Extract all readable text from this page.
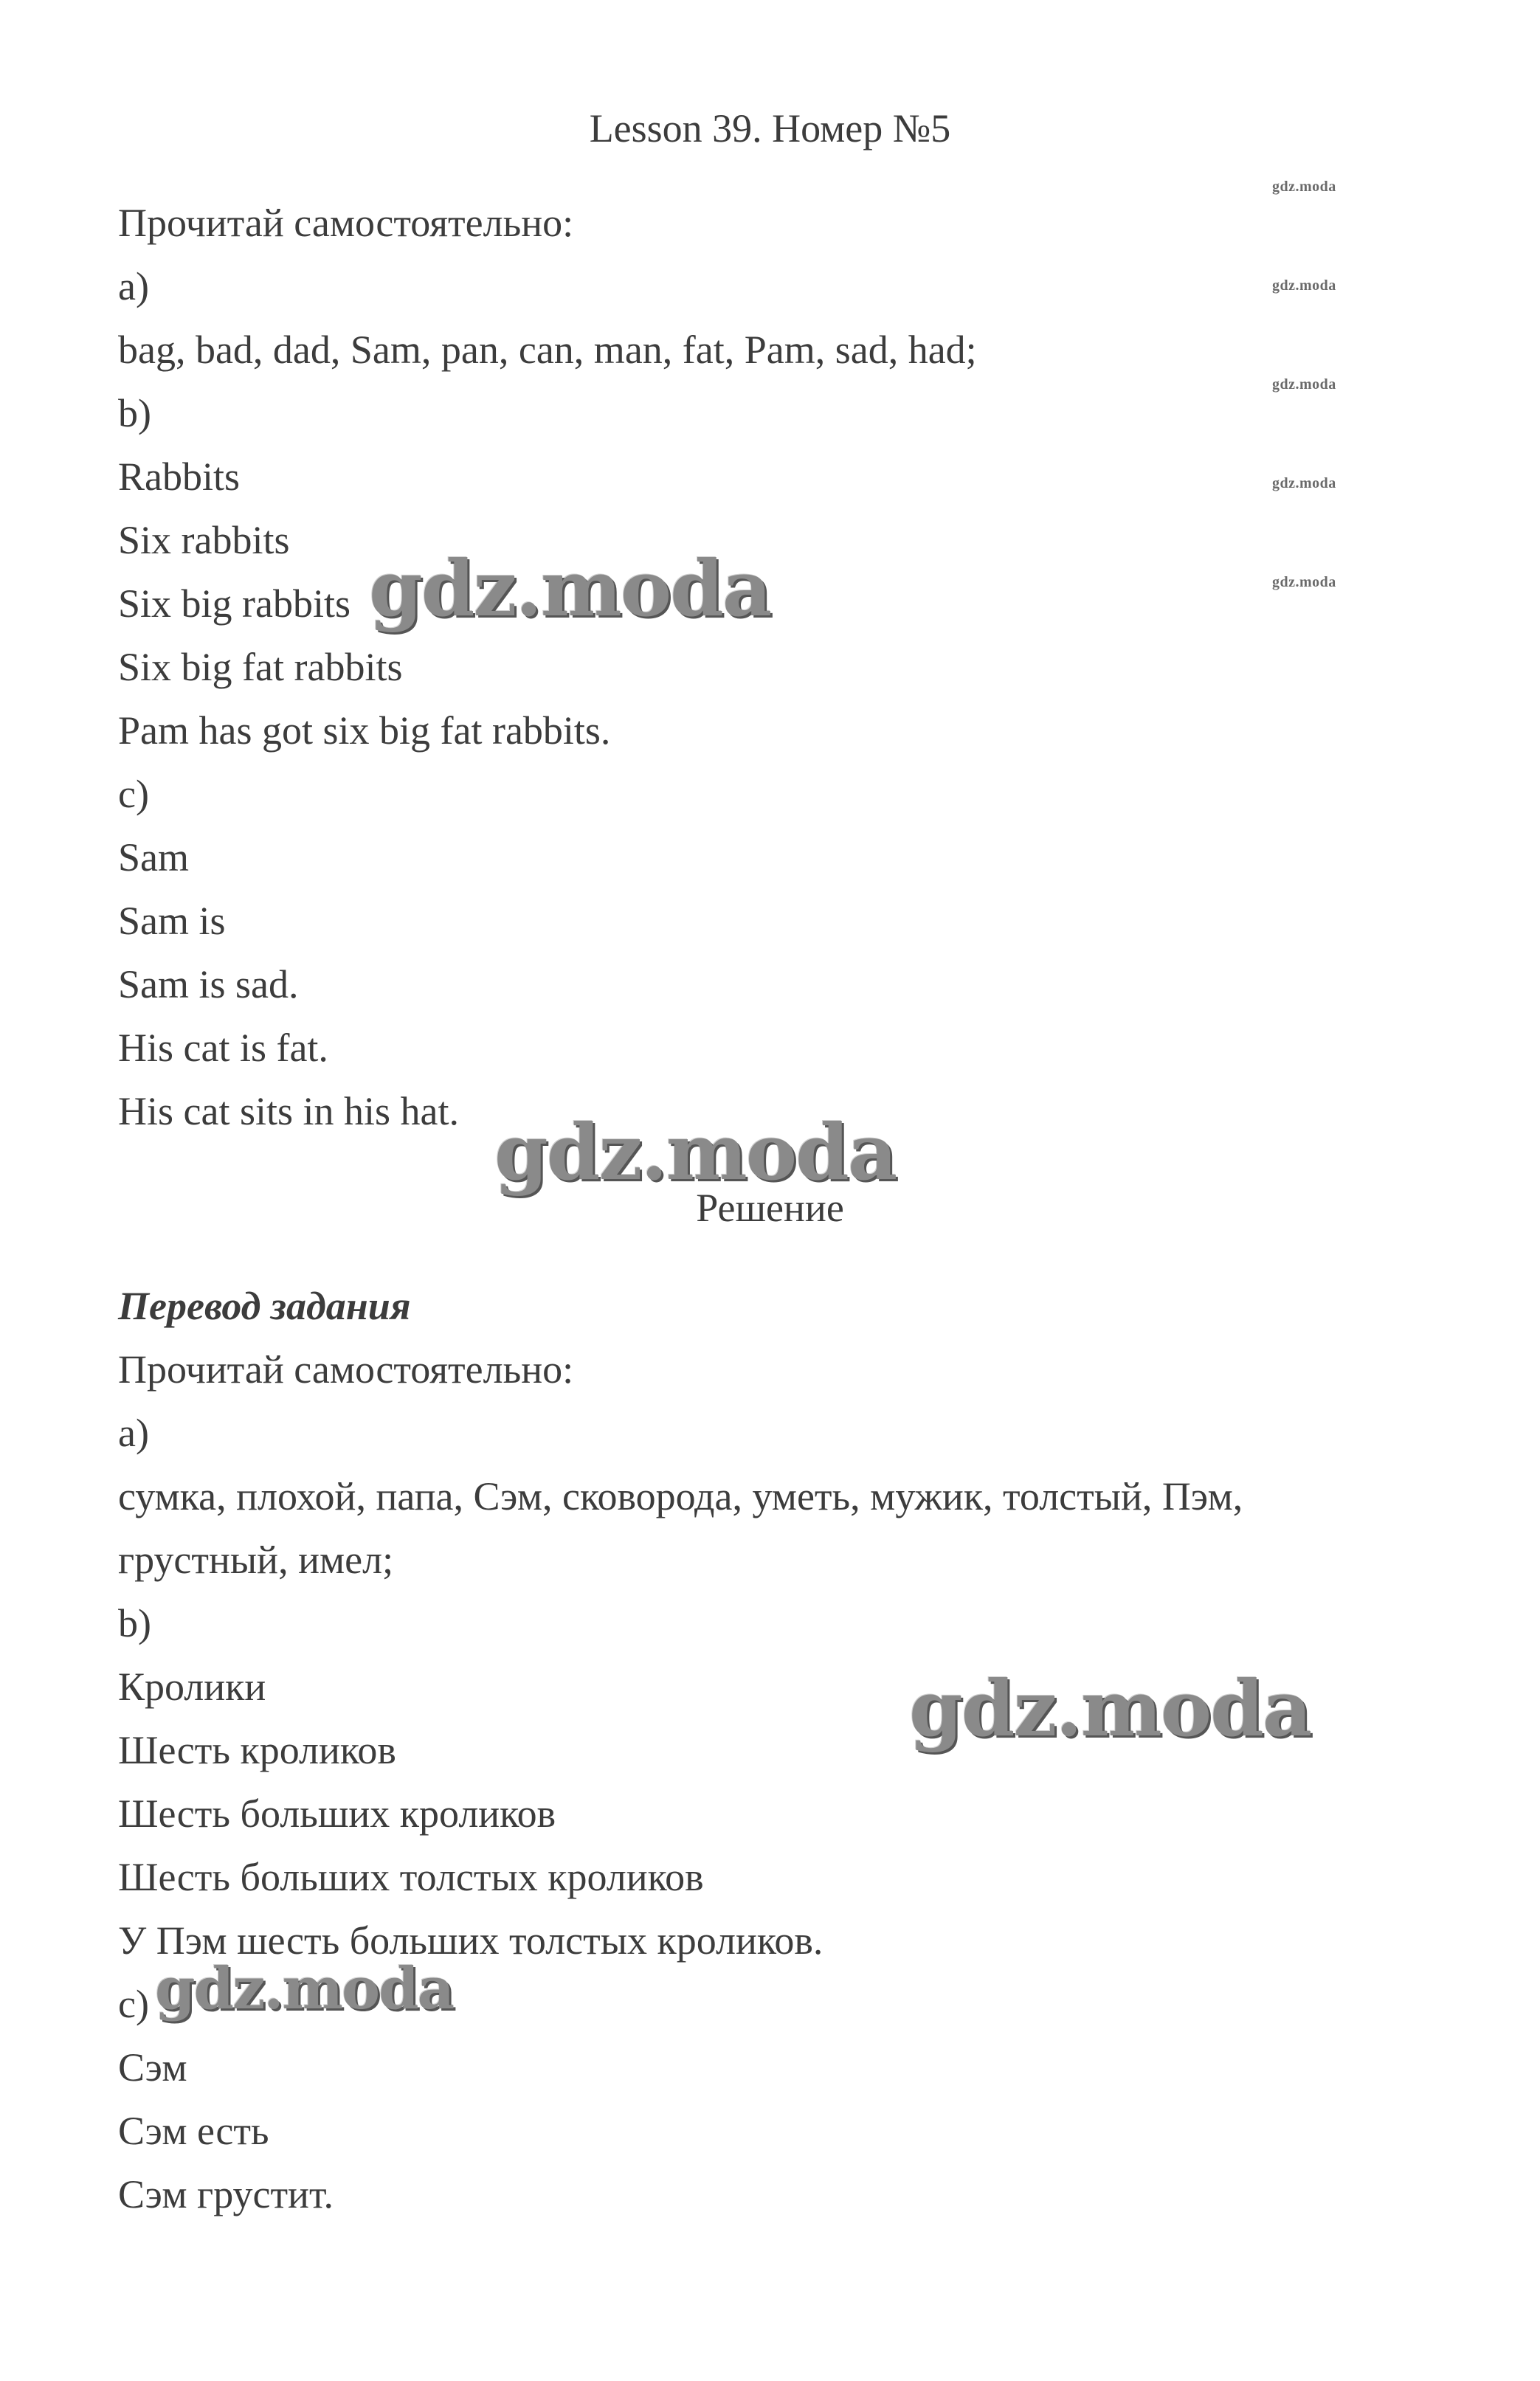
Lesson 39. Номер №5
Прочитай самостоятельно:
a)
bag, bad, dad, Sam, pan, can, man, fat, Pam, sad, had;
b)
Rabbits
Six rabbits
Six big rabbits
Six big fat rabbits
Pam has got six big fat rabbits.
c)
Sam
Sam is
Sam is sad.
His cat is fat.
His cat sits in his hat.
Решение
Перевод задания
Прочитай самостоятельно:
a)
сумка, плохой, папа, Сэм, сковорода, уметь, мужик, толстый, Пэм,
грустный, имел;
b)
Кролики
Шесть кроликов
Шесть больших кроликов
Шесть больших толстых кроликов
У Пэм шесть больших толстых кроликов.
c)
Сэм
Сэм есть
Сэм грустит.
gdz.moda
gdz.moda
gdz.moda
gdz.moda
gdz.moda
gdz.moda
gdz.moda
gdz.moda
gdz.moda
